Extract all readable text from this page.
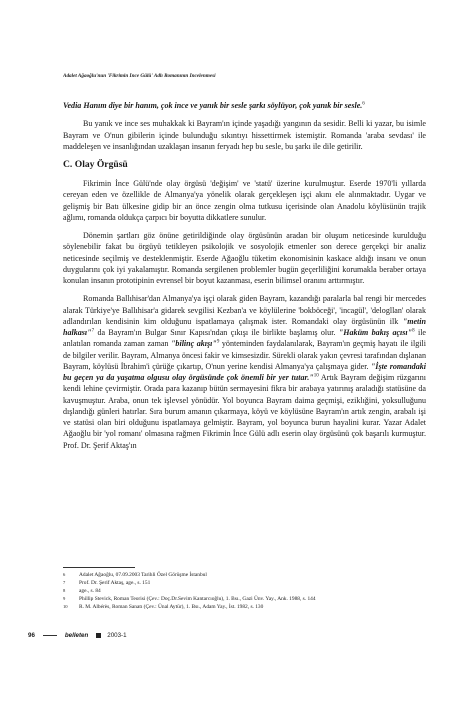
Adalet Ağaoğlu'nun 'Fikrimin İnce Gülü' Adlı Romanının İncelenmesi

Vedia Hanım diye bir hanım, çok ince ve yanık bir sesle şarkı söylüyor, çok yanık bir sesle.$^6$

Bu yanık ve ince ses muhakkak ki Bayram'ın içinde yaşadığı yangının da sesidir. Belli ki yazar, bu isimle Bayram ve O'nun gibilerin içinde bulunduğu sıkıntıyı hissettirmek istemiştir. Romanda 'araba sevdası' ile maddeleşen ve insanlığından uzaklaşan insanın feryadı hep bu sesle, bu şarkı ile dile getirilir.

C. Olay Örgüsü

Fikrimin İnce Gülü'nde olay örgüsü 'değişim' ve 'statü' üzerine kurulmuştur. Eserde 1970'li yıllarda cereyan eden ve özellikle de Almanya'ya yönelik olarak gerçekleşen işçi akını ele alınmaktadır. Uygar ve gelişmiş bir Batı ülkesine gidip bir an önce zengin olma tutkusu içerisinde olan Anadolu köylüsünün trajik ağlımı, romanda oldukça çarpıcı bir boyutta dikkatlere sunulur.

Dönemin şartları göz önüne getirildiğinde olay örgüsünün aradan bir oluşum neticesinde kurulduğu söylenebilir fakat bu örgüyü tetikleyen psikolojik ve sosyolojik etmenler son derece gerçekçi bir analiz neticesinde seçilmiş ve desteklenmiştir. Eserde Ağaoğlu tüketim ekonomisinin kaskace aldığı insanı ve onun duygularını çok iyi yakalamıştır. Romanda sergilenen problemler bugün geçerliliğini korumakla beraber ortaya konulan insanın prototipinin evrensel bir boyut kazanması, eserin bilimsel oranını arttırmıştır.

Romanda Ballıhisar'dan Almanya'ya işçi olarak giden Bayram, kazandığı paralarla bal rengi bir mercedes alarak Türkiye'ye Ballıhisar'a gidarek sevgilisi Kezban'a ve köylülerine 'bokböceği', 'incagül', 'delogllan' olarak adlandırılan kendisinin kim olduğunu ispatlamaya çalışmak ister. Romandaki olay örgüsünün ilk "metin halkası"$^7$ da Bayram'ın Bulgar Sınır Kapısı'ndan çıkışı ile birlikte başlamış olur. "Haküm bakış açısı"$^8$ ile anlatılan romanda zaman zaman "bilinç akışı"$^9$ yönteminden faydalanılarak, Bayram'ın geçmiş hayatı ile ilgili de bilgiler verilir. Bayram, Almanya öncesi fakir ve kimsesizdir. Sürekli olarak yakın çevresi tarafından dışlanan Bayram, köylüsü İbrahim'i çürüğe çıkartıp, O'nun yerine kendisi Almanya'ya çalışmaya gider. "İşte romandaki bu geçen ya da yaşatma olgusu olay örgüsünde çok önemli bir yer tutar."$^{10}$ Artık Bayram değişim rüzgarını kendi lehine çevirmiştir. Orada para kazanıp bütün sermayesini fikra bir arabaya yatırınış araladığı statüsüne da kavuşmuştur. Araba, onun tek işlevsel yönüdür. Yol boyunca Bayram daima geçmişi, eziklığini, yoksulluğunu dışlandığı günleri hatırlar. Sıra burum amanın çıkarmaya, köyü ve köylüsüne Bayram'ın artık zengin, arabalı işi ve statüsi olan biri olduğunu ispatlamaya gelmiştir. Bayram, yol boyunca burun hayalini kurar. Yazar Adalet Ağaoğlu bir 'yol romanı' olmasına rağmen Fikrimin İnce Gülü adlı eserin olay örgüsünü çok başarılı kurmuştur. Prof. Dr. Şerif Aktaş'ın

6	Adalet Ağaoğlu, 07.09.2003 Tarihli Özel Görüşme İstanbul
7	Prof. Dr. Şerif Aktaş, age., s. 151
8	age., s. 84
9	Phillip Stevick, Roman Teorisi (Çev.: Doç.Dr.Sevim Kantarcıoğlu), 1. Bsı., Gazi Ünv. Yay., Ank. 1988, s. 144
10	R. M. Albérès, Roman Sanatı (Çev.: Ünal Aytür), 1. Bsı., Adam Yay., İst. 1982, s. 130
96	belleten	2003-1
